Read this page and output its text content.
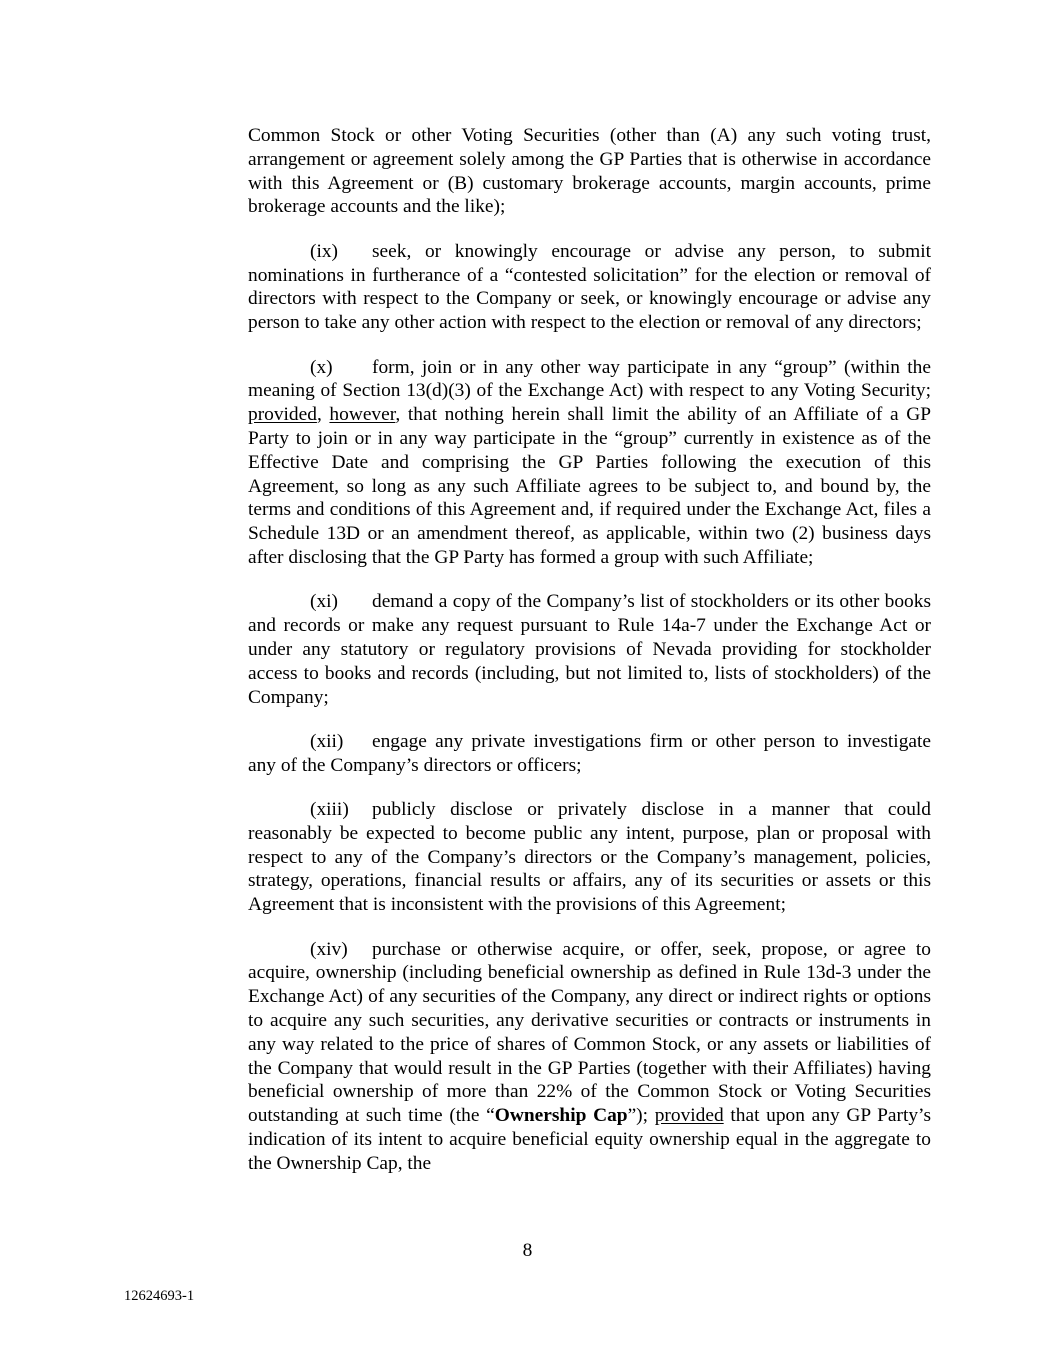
Common Stock or other Voting Securities (other than (A) any such voting trust, arrangement or agreement solely among the GP Parties that is otherwise in accordance with this Agreement or (B) customary brokerage accounts, margin accounts, prime brokerage accounts and the like);

(ix) seek, or knowingly encourage or advise any person, to submit nominations in furtherance of a “contested solicitation” for the election or removal of directors with respect to the Company or seek, or knowingly encourage or advise any person to take any other action with respect to the election or removal of any directors;

(x) form, join or in any other way participate in any “group” (within the meaning of Section 13(d)(3) of the Exchange Act) with respect to any Voting Security; provided, however, that nothing herein shall limit the ability of an Affiliate of a GP Party to join or in any way participate in the “group” currently in existence as of the Effective Date and comprising the GP Parties following the execution of this Agreement, so long as any such Affiliate agrees to be subject to, and bound by, the terms and conditions of this Agreement and, if required under the Exchange Act, files a Schedule 13D or an amendment thereof, as applicable, within two (2) business days after disclosing that the GP Party has formed a group with such Affiliate;

(xi) demand a copy of the Company’s list of stockholders or its other books and records or make any request pursuant to Rule 14a-7 under the Exchange Act or under any statutory or regulatory provisions of Nevada providing for stockholder access to books and records (including, but not limited to, lists of stockholders) of the Company;

(xii) engage any private investigations firm or other person to investigate any of the Company’s directors or officers;

(xiii) publicly disclose or privately disclose in a manner that could reasonably be expected to become public any intent, purpose, plan or proposal with respect to any of the Company’s directors or the Company’s management, policies, strategy, operations, financial results or affairs, any of its securities or assets or this Agreement that is inconsistent with the provisions of this Agreement;

(xiv) purchase or otherwise acquire, or offer, seek, propose, or agree to acquire, ownership (including beneficial ownership as defined in Rule 13d-3 under the Exchange Act) of any securities of the Company, any direct or indirect rights or options to acquire any such securities, any derivative securities or contracts or instruments in any way related to the price of shares of Common Stock, or any assets or liabilities of the Company that would result in the GP Parties (together with their Affiliates) having beneficial ownership of more than 22% of the Common Stock or Voting Securities outstanding at such time (the “Ownership Cap”); provided that upon any GP Party’s indication of its intent to acquire beneficial equity ownership equal in the aggregate to the Ownership Cap, the

8
12624693-1
